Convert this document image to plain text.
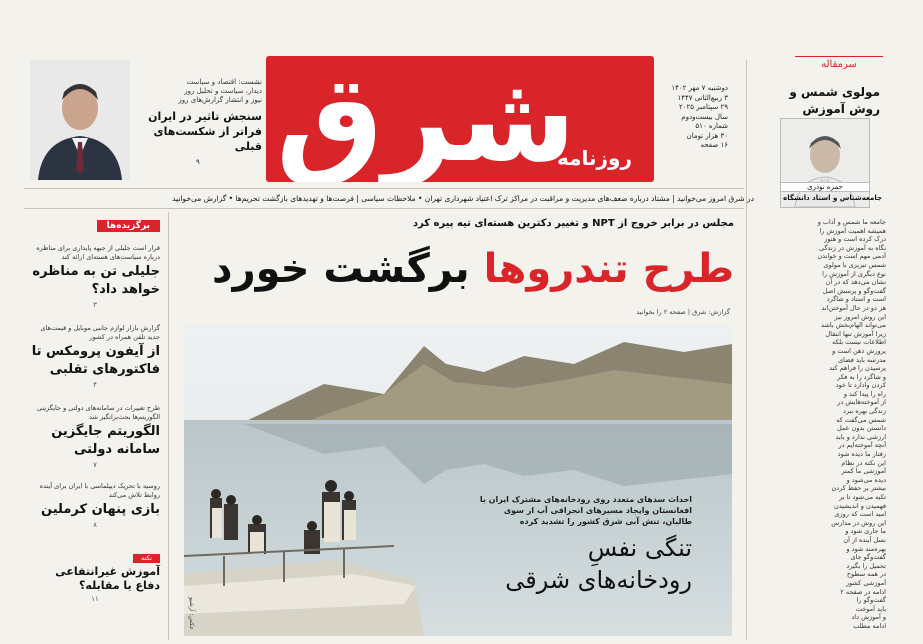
سرمقاله
مولوی شمس و روش آموزش
حمزه نوذری
جامعه‌شناس و استاد دانشگاه
دوشنبه ۷ مهر ۱۴۰۲
۳ ربیع‌الثانی ۱۴۴۷
۲۹ سپتامبر ۲۰۲۵
سال بیست‌ودوم
شماره ۵۱۰
۳۰ هزار تومان
۱۶ صفحه
شرق
روزنامه
نشست: اقتصاد و سیاست
دیدار، سیاست و تحلیل روز
نیوز و انتشار گزارش‌های روز
سنجش تاثیر در ایران فراتر از شکست‌های قبلی
۹
در شرق امروز می‌خوانید | مشتاد درباره ضعف‌های مدیریت و مراقبت در مراکز ترک اعتیاد شهرداری تهران • ملاحظات سیاسی | فرصت‌ها و تهدیدهای بازگشت تحریم‌ها • گزارش می‌خوانید
مجلس در برابر خروج از NPT و تغییر دکترین هسته‌ای تیه پیره کرد
طرح تندروها برگشت خورد
گزارش: شرق | صفحه ۲ را بخوانید
احداث سدهای متعدد روی رودخانه‌های مشترک ایران با افغانستان وایجاد مسیرهای انحرافی آب از سوی طالبان، تنش آبی شرق کشور را تشدید کرده
تنگی نفسِ
رودخانه‌های شرقی
عکس: آرشیو
برگزیده‌ها
قرار است جلیلی از جبهه پایداری برای مناظره درباره سیاست‌های هسته‌ای ارائه کند
جلیلی تن به مناظره خواهد داد؟
۳
گزارش بازار لوازم جانبی موبایل و قیمت‌های جدید تلفن همراه در کشور
از آیفون پرومکس تا فاکتورهای تقلبی
۴
طرح تغییرات در سامانه‌های دولتی و جایگزینی الگوریتم‌ها بحث‌برانگیز شد
الگوریتم جایگزین سامانه دولتی
۷
روسیه با تحریک دیپلماسی با ایران برای آینده روابط تلاش می‌کند
بازی پنهان کرملین
۸
نکته
آموزش غیرانتفاعی دفاع یا مقابله؟
۱۱
جامعه ما شمس و آداب و
همیشه اهمیت آموزش را
درک کرده است و هنوز
نگاه به آموزش در زندگی
آدمی مهم است و خواندن
شمس تبریزی با مولوی
نوع دیگری از آموزش را
نشان می‌دهد که در آن
گفت‌وگو و پرسش اصل
است و استاد و شاگرد
هر دو در حال آموختن‌اند
این روش امروز نیز
می‌تواند الهام‌بخش باشد
زیرا آموزش تنها انتقال
اطلاعات نیست بلکه
پرورش ذهن است و
مدرسه باید فضای
پرسیدن را فراهم کند
و شاگرد را به فکر
کردن وادارد تا خود
راه را پیدا کند و
از آموخته‌هایش در
زندگی بهره ببرد
شمس می‌گفت که
دانستن بدون عمل
ارزشی ندارد و باید
آنچه آموخته‌ایم در
رفتار ما دیده شود
این نکته در نظام
آموزشی ما کمتر
دیده می‌شود و
بیشتر بر حفظ کردن
تکیه می‌شود تا بر
فهمیدن و اندیشیدن
امید است که روزی
این روش در مدارس
ما جاری شود و
نسل آینده از آن
بهره‌مند شود و
گفت‌وگو جای
تحمیل را بگیرد
در همه سطوح
آموزشی کشور
ادامه در صفحه ۲
گفت‌وگو را
باید آموخت
و آموزش داد
ادامه مطلب
